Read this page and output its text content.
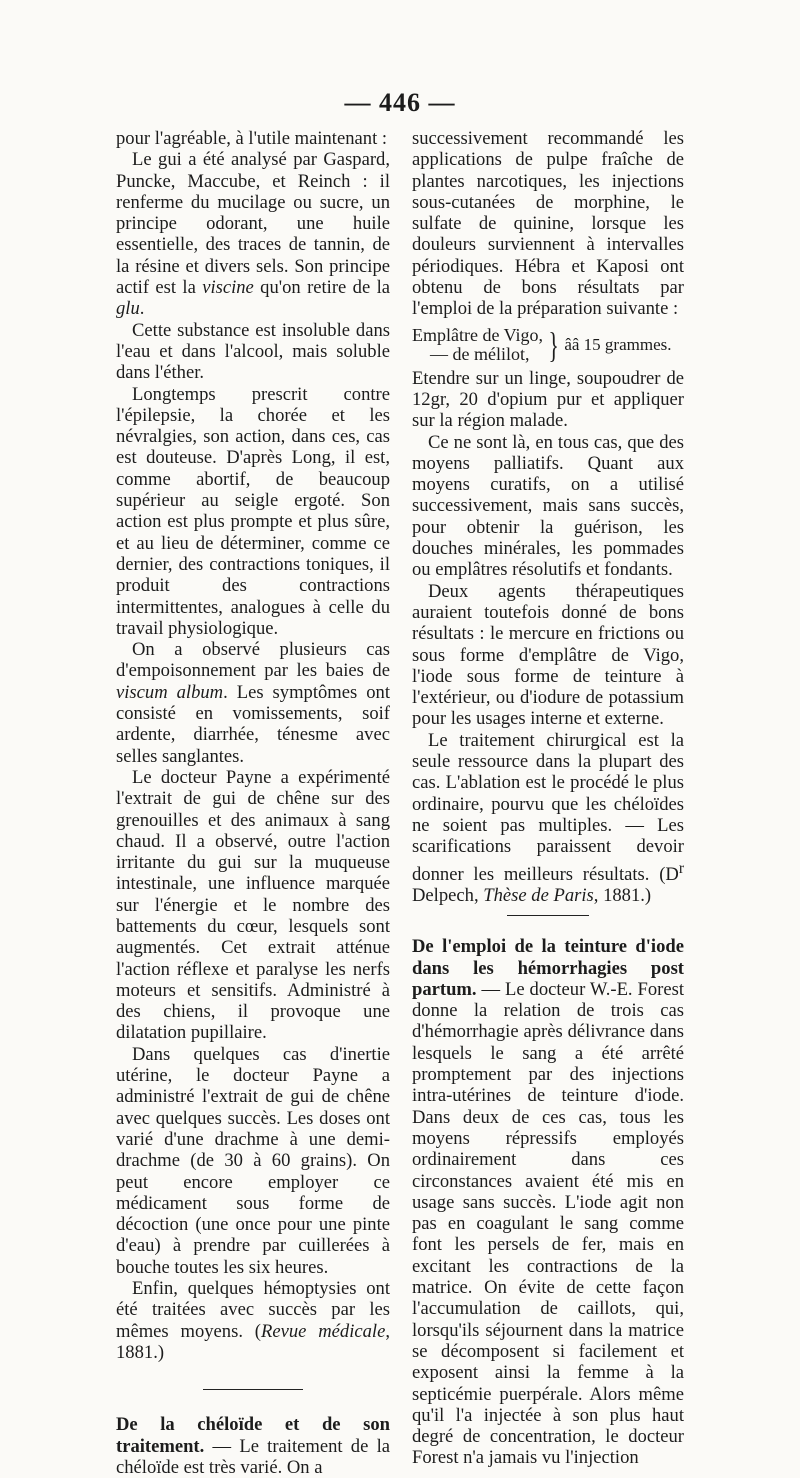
— 446 —

pour l'agréable, à l'utile maintenant :

Le gui a été analysé par Gaspard, Puncke, Maccube, et Reinch : il renferme du mucilage ou sucre, un principe odorant, une huile essentielle, des traces de tannin, de la résine et divers sels. Son principe actif est la viscine qu'on retire de la glu.

Cette substance est insoluble dans l'eau et dans l'alcool, mais soluble dans l'éther.

Longtemps prescrit contre l'épilepsie, la chorée et les névralgies, son action, dans ces, cas est douteuse. D'après Long, il est, comme abortif, de beaucoup supérieur au seigle ergoté. Son action est plus prompte et plus sûre, et au lieu de déterminer, comme ce dernier, des contractions toniques, il produit des contractions intermittentes, analogues à celle du travail physiologique.

On a observé plusieurs cas d'empoisonnement par les baies de viscum album. Les symptômes ont consisté en vomissements, soif ardente, diarrhée, ténesme avec selles sanglantes.

Le docteur Payne a expérimenté l'extrait de gui de chêne sur des grenouilles et des animaux à sang chaud. Il a observé, outre l'action irritante du gui sur la muqueuse intestinale, une influence marquée sur l'énergie et le nombre des battements du cœur, lesquels sont augmentés. Cet extrait atténue l'action réflexe et paralyse les nerfs moteurs et sensitifs. Administré à des chiens, il provoque une dilatation pupillaire.

Dans quelques cas d'inertie utérine, le docteur Payne a administré l'extrait de gui de chêne avec quelques succès. Les doses ont varié d'une drachme à une demi-drachme (de 30 à 60 grains). On peut encore employer ce médicament sous forme de décoction (une once pour une pinte d'eau) à prendre par cuillerées à bouche toutes les six heures.

Enfin, quelques hémoptysies ont été traitées avec succès par les mêmes moyens. (Revue médicale, 1881.)

De la chéloïde et de son traitement. — Le traitement de la chéloïde est très varié. On a

successivement recommandé les applications de pulpe fraîche de plantes narcotiques, les injections sous-cutanées de morphine, le sulfate de quinine, lorsque les douleurs surviennent à intervalles périodiques. Hébra et Kaposi ont obtenu de bons résultats par l'emploi de la préparation suivante :

Emplâtre de Vigo,
— de mélilot, } ââ 15 grammes.

Etendre sur un linge, soupoudrer de 12gr, 20 d'opium pur et appliquer sur la région malade.

Ce ne sont là, en tous cas, que des moyens palliatifs. Quant aux moyens curatifs, on a utilisé successivement, mais sans succès, pour obtenir la guérison, les douches minérales, les pommades ou emplâtres résolutifs et fondants.

Deux agents thérapeutiques auraient toutefois donné de bons résultats : le mercure en frictions ou sous forme d'emplâtre de Vigo, l'iode sous forme de teinture à l'extérieur, ou d'iodure de potassium pour les usages interne et externe.

Le traitement chirurgical est la seule ressource dans la plupart des cas. L'ablation est le procédé le plus ordinaire, pourvu que les chéloïdes ne soient pas multiples. — Les scarifications paraissent devoir donner les meilleurs résultats. ($D^r$ Delpech, Thèse de Paris, 1881.)

De l'emploi de la teinture d'iode dans les hémorrhagies post partum. — Le docteur W.-E. Forest donne la relation de trois cas d'hémorrhagie après délivrance dans lesquels le sang a été arrêté promptement par des injections intra-utérines de teinture d'iode. Dans deux de ces cas, tous les moyens répressifs employés ordinairement dans ces circonstances avaient été mis en usage sans succès. L'iode agit non pas en coagulant le sang comme font les persels de fer, mais en excitant les contractions de la matrice. On évite de cette façon l'accumulation de caillots, qui, lorsqu'ils séjournent dans la matrice se décomposent si facilement et exposent ainsi la femme à la septicémie puerpérale. Alors même qu'il l'a injectée à son plus haut degré de concentration, le docteur Forest n'a jamais vu l'injection
